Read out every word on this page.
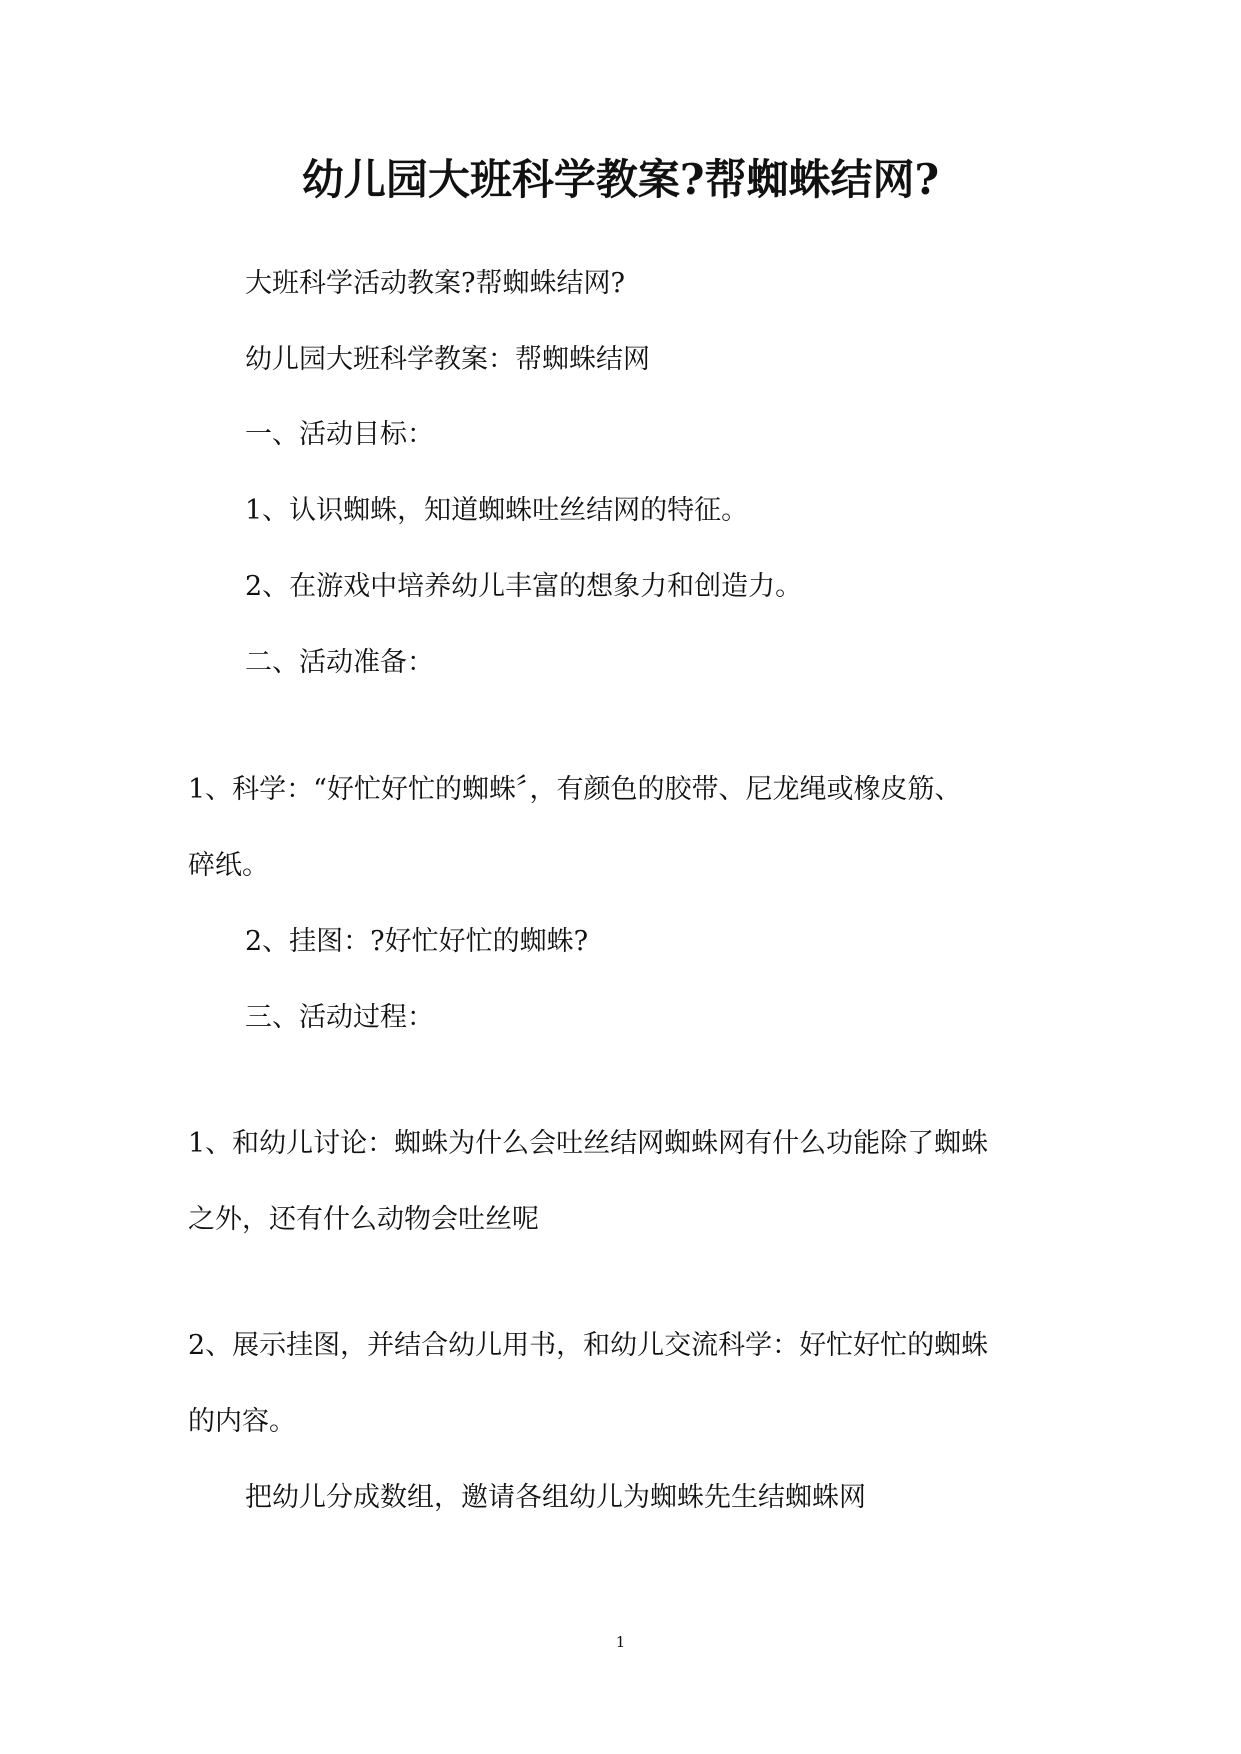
幼儿园大班科学教案?帮蜘蛛结网?
大班科学活动教案?帮蜘蛛结网?
幼儿园大班科学教案：帮蜘蛛结网
一、活动目标：
1、认识蜘蛛，知道蜘蛛吐丝结网的特征。
2、在游戏中培养幼儿丰富的想象力和创造力。
二、活动准备：
1、科学：“好忙好忙的蜘蛛〞，有颜色的胶带、尼龙绳或橡皮筋、
碎纸。
2、挂图：?好忙好忙的蜘蛛?
三、活动过程：
1、和幼儿讨论：蜘蛛为什么会吐丝结网蜘蛛网有什么功能除了蜘蛛
之外，还有什么动物会吐丝呢
2、展示挂图，并结合幼儿用书，和幼儿交流科学：好忙好忙的蜘蛛
的内容。
把幼儿分成数组，邀请各组幼儿为蜘蛛先生结蜘蛛网
1
